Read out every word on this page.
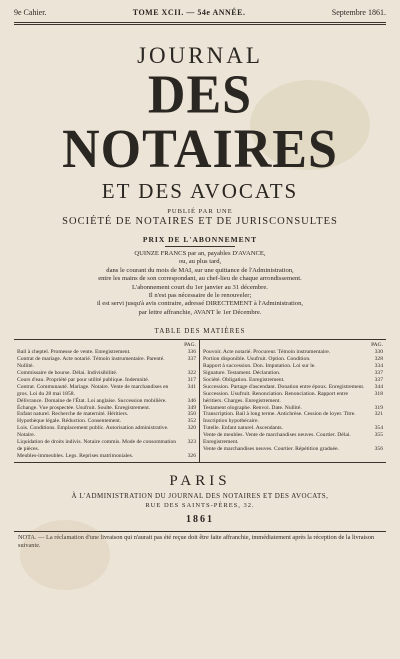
9e Cahier.	TOME XCII. — 54e ANNÉE.	Septembre 1861.
JOURNAL
DES NOTAIRES
ET DES AVOCATS
PUBLIÉ PAR UNE
SOCIÉTÉ DE NOTAIRES ET DE JURISCONSULTES
PRIX DE L'ABONNEMENT
QUINZE FRANCS par an, payables D'AVANCE,
ou, au plus tard,
dans le courant du mois de MAI, sur une quittance de l'Administration,
entre les mains de son correspondant, au chef-lieu de chaque arrondissement.
L'abonnement court du 1er janvier au 31 décembre.
Il n'est pas nécessaire de le renouveler;
il est servi jusqu'à avis contraire, adressé DIRECTEMENT à l'Administration,
par lettre affranchie, AVANT le 1er Décembre.
TABLE DES MATIÈRES
PAG.
Bail à cheptel. Promesse de vente. Enregistrement.	336
Contrat de mariage. Acte notarié. Témoin instrumentaire. Parenté. Nullité.
337
Commissaire de bourse. Délai. Indivisibilité.	322
Cours d'eau. Propriété par pour utilité publique. Indemnité.	317
Contrat. Communauté. Mariage. Notaire. Vente de marchandises en gros. Loi du 28 mai 1858.
341
Délivrance. Domaine de l'État. Loi anglaise. Succession mobilière.	346
Échange. Vue prospectée. Usufruit. Soulte. Enregistrement.	349
Enfant naturel. Recherche de maternité. Héritiers.	350
Hypothèque légale. Réduction. Consentement.	352
Lois. Conditions. Emplacement public. Autorisation administrative. Notaire.
320
Liquidation de droits indivis. Notaire commis. Mode de consommation de pièces.
323
Meubles-immeubles. Legs. Reprises matrimoniales.	326
PAG.
Pouvoir. Acte notarié. Procureur. Témoin instrumentaire.	330
Portion disponible. Usufruit. Option. Condition.	328
Rapport à succession. Don. Imputation. Loi sur le.	334
Signature. Testament. Déclaration.	337
Société. Obligation. Enregistrement.	337
Succession. Partage d'ascendant. Donation entre époux. Enregistrement.	344
Succession. Usufruit. Renonciation. Renonciation. Rapport entre héritiers. Charges. Enregistrement.
318
Testament olographe. Renvoi. Date. Nullité.	319
Transcription. Bail à long terme. Antichrèse. Cession de loyer. Titre. Inscription hypothécaire.
321
Tutelle. Enfant naturel. Ascendants.	354
Vente de meubles. Vente de marchandises neuves. Courtier. Délai. Enregistrement.
355
Vente de marchandises neuves. Courtier. Répétition graduée.	356
PARIS
À L'ADMINISTRATION DU JOURNAL DES NOTAIRES ET DES AVOCATS,
RUE DES SAINTS-PÈRES, 32.
1861
NOTA. — La réclamation d'une livraison qui n'aurait pas été reçue doit être faite affranchie, immédiatement après la réception de la livraison suivante.
